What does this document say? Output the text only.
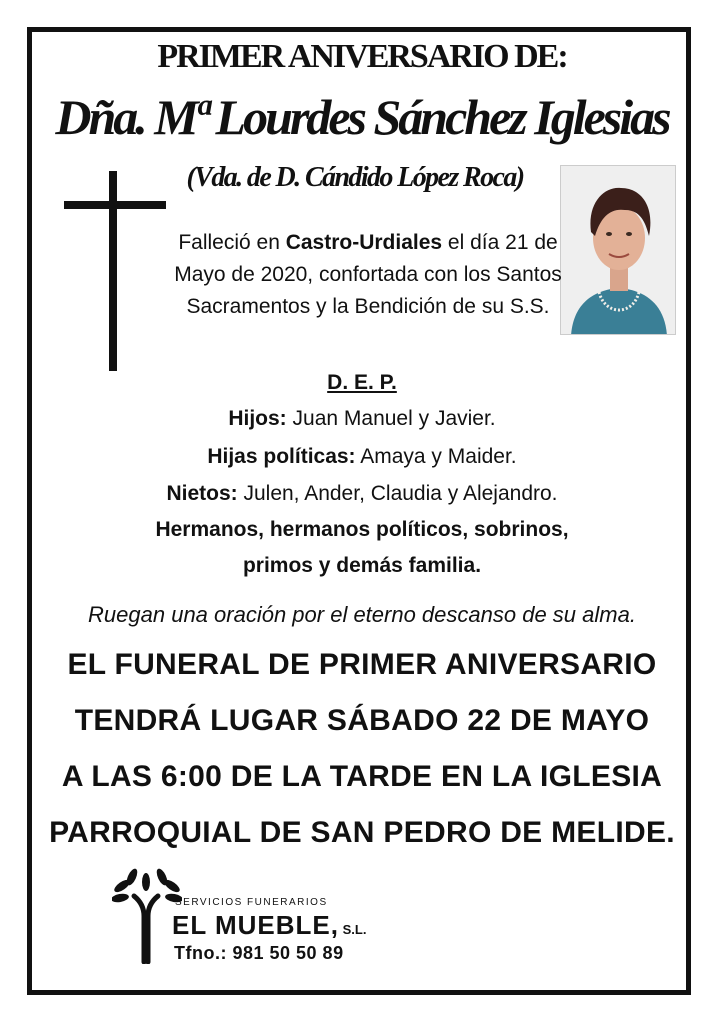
PRIMER ANIVERSARIO DE:
Dña. Mª Lourdes Sánchez Iglesias
(Vda. de D. Cándido López Roca)
Falleció en Castro-Urdiales el día 21 de Mayo de 2020, confortada con los Santos Sacramentos y la Bendición de su S.S.
D. E. P.
Hijos: Juan Manuel y Javier.
Hijas políticas: Amaya y Maider.
Nietos: Julen, Ander, Claudia y Alejandro.
Hermanos, hermanos políticos, sobrinos,
primos y demás familia.
Ruegan una oración por el eterno descanso de su alma.
EL FUNERAL DE PRIMER ANIVERSARIO
TENDRÁ LUGAR SÁBADO 22 DE MAYO
A LAS 6:00 DE LA TARDE EN LA IGLESIA
PARROQUIAL DE SAN PEDRO DE MELIDE.
SERVICIOS FUNERARIOS
EL MUEBLE, S.L.
Tfno.: 981 50 50 89
